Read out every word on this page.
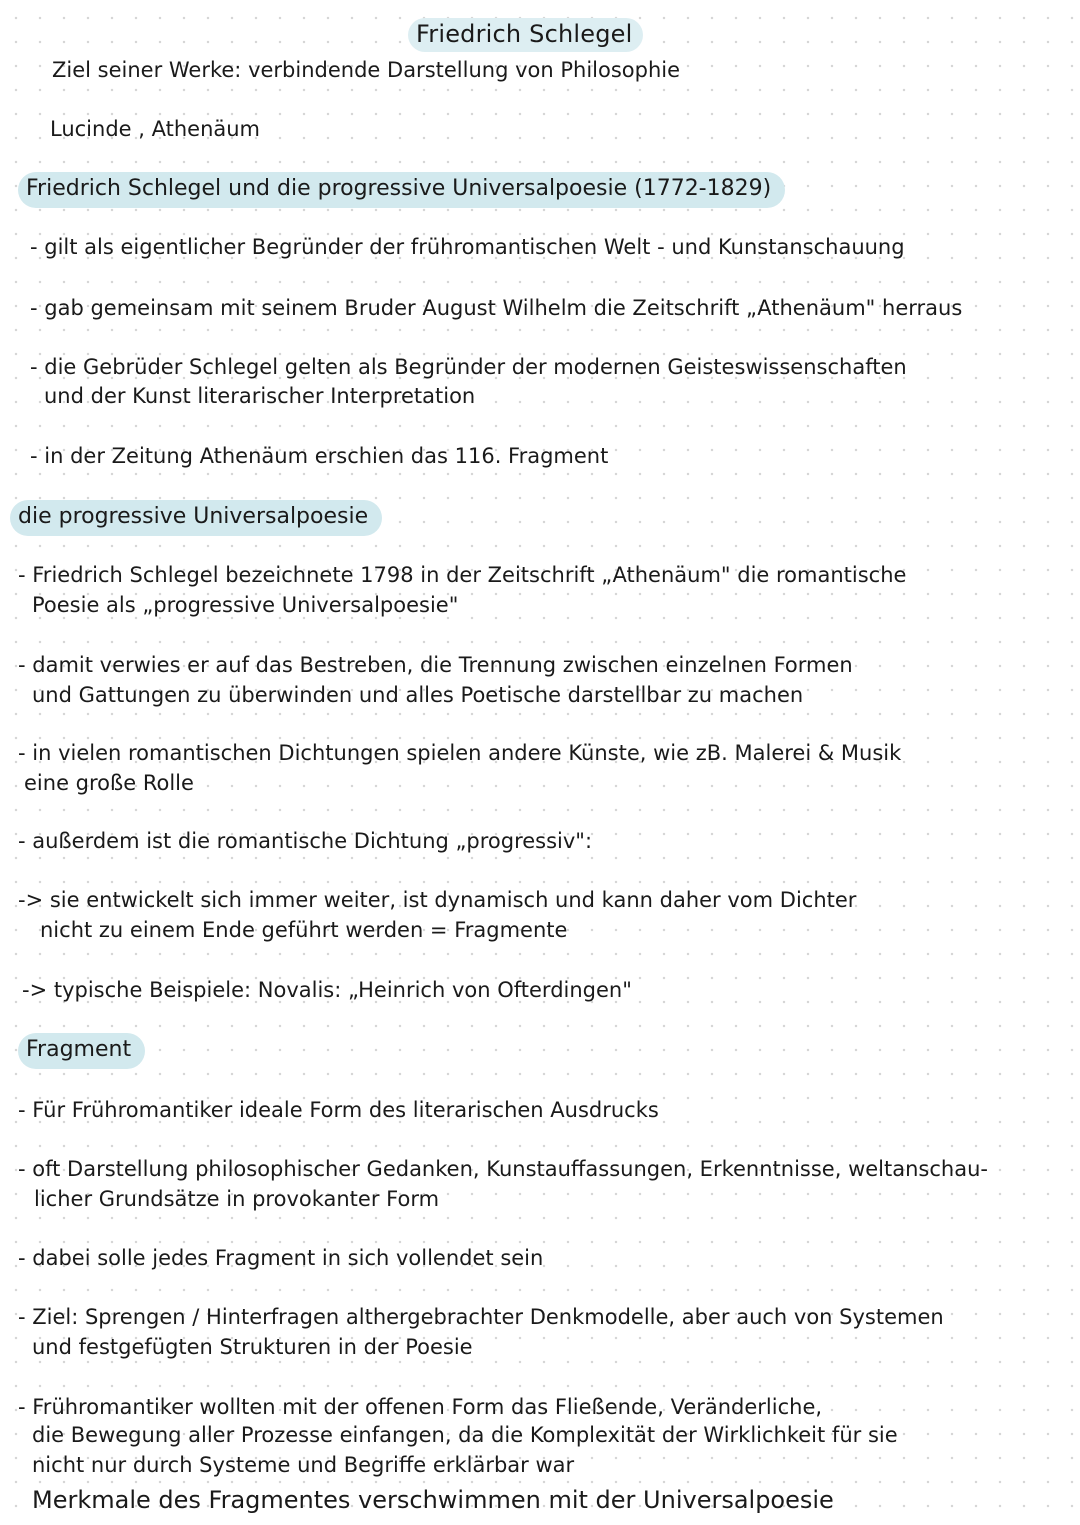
Friedrich Schlegel
Ziel seiner Werke: verbindende Darstellung von Philosophie
Lucinde , Athenäum
Friedrich Schlegel und die progressive Universalpoesie (1772-1829)
- gilt als eigentlicher Begründer der frühromantischen Welt - und Kunstanschauung
- gab gemeinsam mit seinem Bruder August Wilhelm die Zeitschrift „Athenäum" herraus
- die Gebrüder Schlegel gelten als Begründer der modernen Geisteswissenschaften
und der Kunst literarischer Interpretation
- in der Zeitung Athenäum erschien das 116. Fragment
die progressive Universalpoesie
- Friedrich Schlegel bezeichnete 1798 in der Zeitschrift „Athenäum" die romantische
Poesie als „progressive Universalpoesie"
- damit verwies er auf das Bestreben, die Trennung zwischen einzelnen Formen
und Gattungen zu überwinden und alles Poetische darstellbar zu machen
- in vielen romantischen Dichtungen spielen andere Künste, wie zB. Malerei & Musik
eine große Rolle
- außerdem ist die romantische Dichtung „progressiv":
-> sie entwickelt sich immer weiter, ist dynamisch und kann daher vom Dichter
nicht zu einem Ende geführt werden = Fragmente
-> typische Beispiele: Novalis: „Heinrich von Ofterdingen"
Fragment
- Für Frühromantiker ideale Form des literarischen Ausdrucks
- oft Darstellung philosophischer Gedanken, Kunstauffassungen, Erkenntnisse, weltanschau-
licher Grundsätze in provokanter Form
- dabei solle jedes Fragment in sich vollendet sein
- Ziel: Sprengen / Hinterfragen althergebrachter Denkmodelle, aber auch von Systemen
und festgefügten Strukturen in der Poesie
- Frühromantiker wollten mit der offenen Form das Fließende, Veränderliche,
die Bewegung aller Prozesse einfangen, da die Komplexität der Wirklichkeit für sie
nicht nur durch Systeme und Begriffe erklärbar war
Merkmale des Fragmentes verschwimmen mit der Universalpoesie
